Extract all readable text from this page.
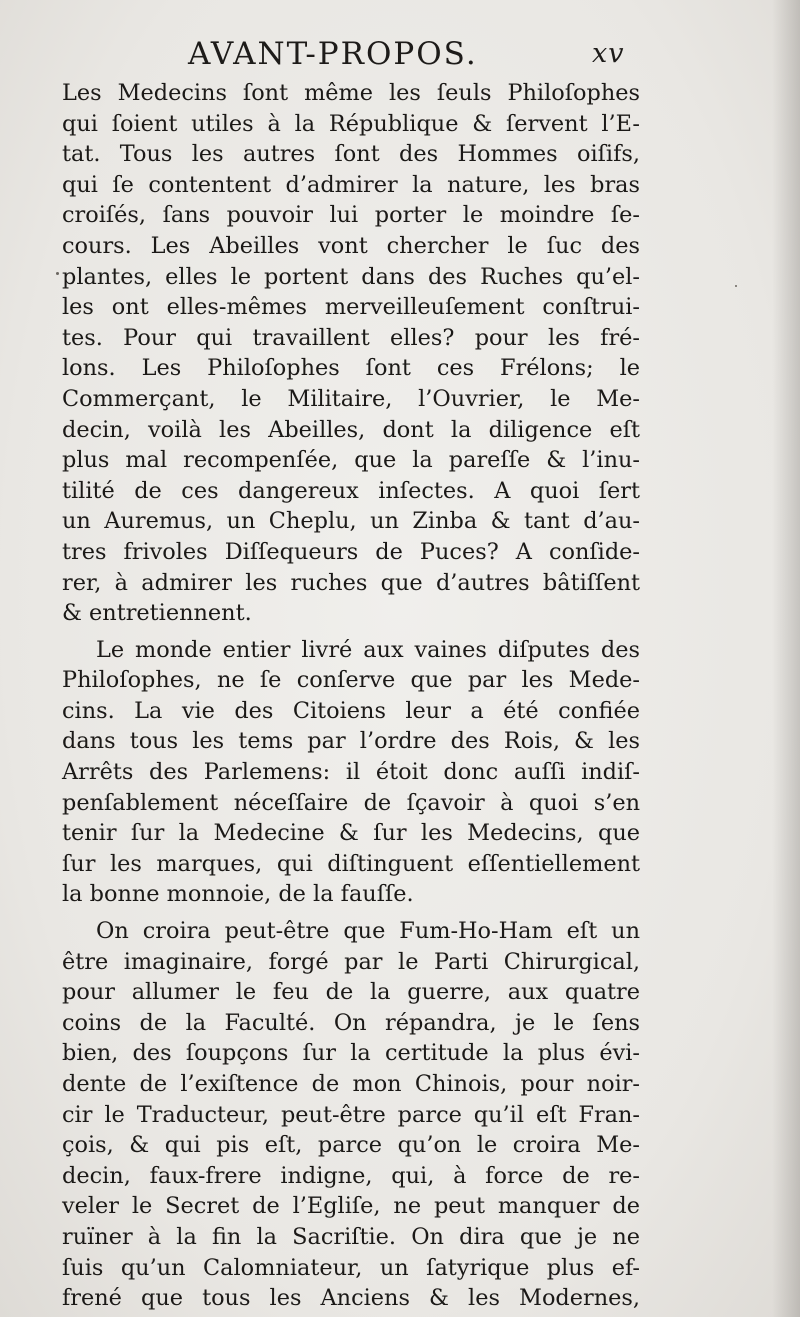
AVANT-PROPOS.	xv
Les Medecins ſont même les ſeuls Philoſophes
qui ſoient utiles à la République & ſervent l’E-
tat. Tous les autres ſont des Hommes oiſifs,
qui ſe contentent d’admirer la nature, les bras
croiſés, ſans pouvoir lui porter le moindre ſe-
cours. Les Abeilles vont chercher le ſuc des
plantes, elles le portent dans des Ruches qu’el-
les ont elles-mêmes merveilleuſement conſtrui-
tes. Pour qui travaillent elles? pour les fré-
lons. Les Philoſophes ſont ces Frélons; le
Commerçant, le Militaire, l’Ouvrier, le Me-
decin, voilà les Abeilles, dont la diligence eſt
plus mal recompenſée, que la pareſſe & l’inu-
tilité de ces dangereux inſectes. A quoi ſert
un Auremus, un Cheplu, un Zinba & tant d’au-
tres frivoles Diſſequeurs de Puces? A conſide-
rer, à admirer les ruches que d’autres bâtiſſent
& entretiennent.
Le monde entier livré aux vaines diſputes des
Philoſophes, ne ſe conſerve que par les Mede-
cins. La vie des Citoiens leur a été confiée
dans tous les tems par l’ordre des Rois, & les
Arrêts des Parlemens: il étoit donc auſſi indiſ-
penſablement néceſſaire de ſçavoir à quoi s’en
tenir ſur la Medecine & ſur les Medecins, que
ſur les marques, qui diſtinguent eſſentiellement
la bonne monnoie, de la fauſſe.
On croira peut-être que Fum-Ho-Ham eſt un
être imaginaire, forgé par le Parti Chirurgical,
pour allumer le feu de la guerre, aux quatre
coins de la Faculté. On répandra, je le ſens
bien, des ſoupçons ſur la certitude la plus évi-
dente de l’exiſtence de mon Chinois, pour noir-
cir le Traducteur, peut-être parce qu’il eſt Fran-
çois, & qui pis eſt, parce qu’on le croira Me-
decin, faux-frere indigne, qui, à force de re-
veler le Secret de l’Egliſe, ne peut manquer de
ruïner à la fin la Sacriſtie. On dira que je ne
ſuis qu’un Calomniateur, un ſatyrique plus ef-
frené que tous les Anciens & les Modernes,
